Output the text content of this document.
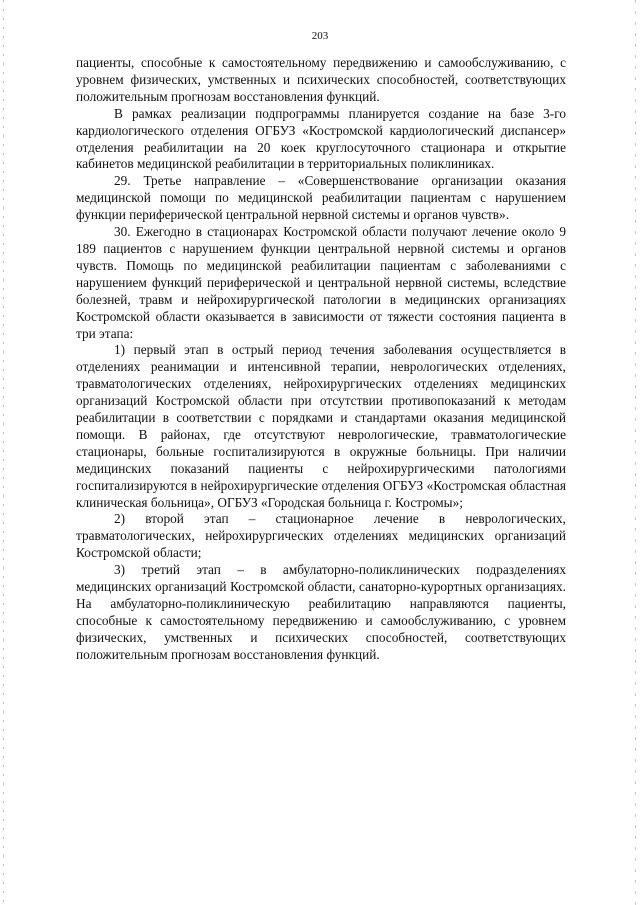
203

пациенты, способные к самостоятельному передвижению и самообслуживанию, с уровнем физических, умственных и психических способностей, соответствующих положительным прогнозам восстановления функций.

В рамках реализации подпрограммы планируется создание на базе 3-го кардиологического отделения ОГБУЗ «Костромской кардиологический диспансер» отделения реабилитации на 20 коек круглосуточного стационара и открытие кабинетов медицинской реабилитации в территориальных поликлиниках.

29. Третье направление – «Совершенствование организации оказания медицинской помощи по медицинской реабилитации пациентам с нарушением функции периферической центральной нервной системы и органов чувств».

30. Ежегодно в стационарах Костромской области получают лечение около 9 189 пациентов с нарушением функции центральной нервной системы и органов чувств. Помощь по медицинской реабилитации пациентам с заболеваниями с нарушением функций периферической и центральной нервной системы, вследствие болезней, травм и нейрохирургической патологии в медицинских организациях Костромской области оказывается в зависимости от тяжести состояния пациента в три этапа:

1) первый этап в острый период течения заболевания осуществляется в отделениях реанимации и интенсивной терапии, неврологических отделениях, травматологических отделениях, нейрохирургических отделениях медицинских организаций Костромской области при отсутствии противопоказаний к методам реабилитации в соответствии с порядками и стандартами оказания медицинской помощи. В районах, где отсутствуют неврологические, травматологические стационары, больные госпитализируются в окружные больницы. При наличии медицинских показаний пациенты с нейрохирургическими патологиями госпитализируются в нейрохирургические отделения ОГБУЗ «Костромская областная клиническая больница», ОГБУЗ «Городская больница г. Костромы»;

2) второй этап – стационарное лечение в неврологических, травматологических, нейрохирургических отделениях медицинских организаций Костромской области;

3) третий этап – в амбулаторно-поликлинических подразделениях медицинских организаций Костромской области, санаторно-курортных организациях. На амбулаторно-поликлиническую реабилитацию направляются пациенты, способные к самостоятельному передвижению и самообслуживанию, с уровнем физических, умственных и психических способностей, соответствующих положительным прогнозам восстановления функций.
